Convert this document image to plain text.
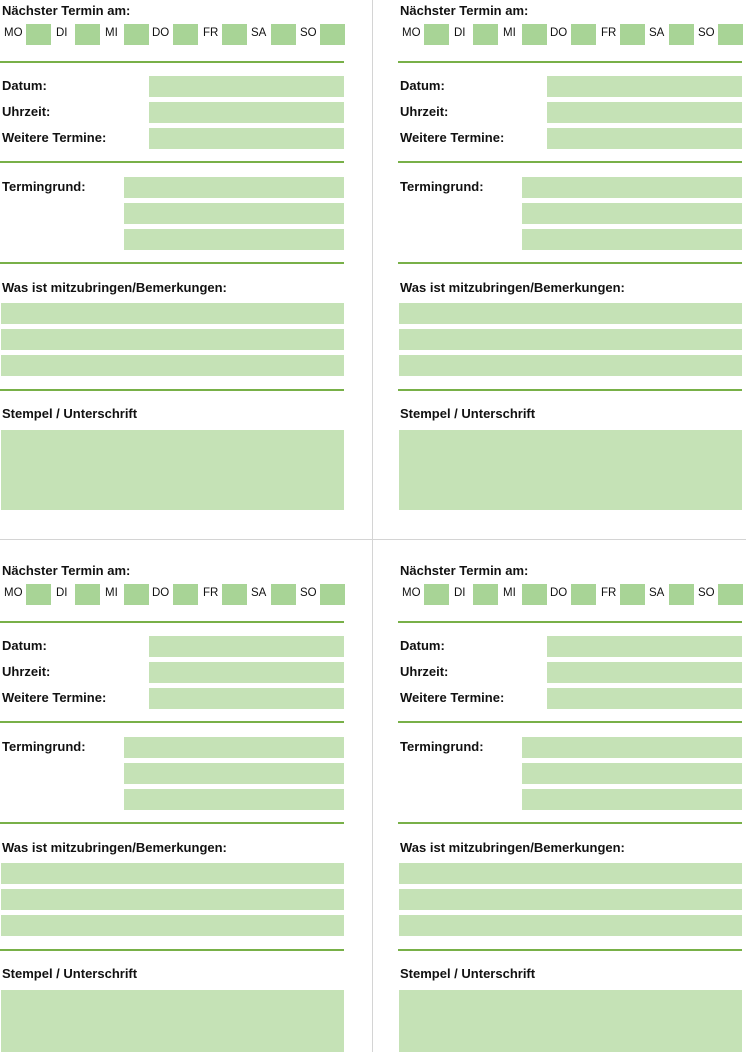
Nächster Termin am:
MO	DI	MI	DO	FR	SA	SO
Datum:
Uhrzeit:
Weitere Termine:
Termingrund:
Was ist mitzubringen/Bemerkungen:
Stempel / Unterschrift
Nächster Termin am:
MO	DI	MI	DO	FR	SA	SO
Datum:
Uhrzeit:
Weitere Termine:
Termingrund:
Was ist mitzubringen/Bemerkungen:
Stempel / Unterschrift
Nächster Termin am:
MO	DI	MI	DO	FR	SA	SO
Datum:
Uhrzeit:
Weitere Termine:
Termingrund:
Was ist mitzubringen/Bemerkungen:
Stempel / Unterschrift
Nächster Termin am:
MO	DI	MI	DO	FR	SA	SO
Datum:
Uhrzeit:
Weitere Termine:
Termingrund:
Was ist mitzubringen/Bemerkungen:
Stempel / Unterschrift
